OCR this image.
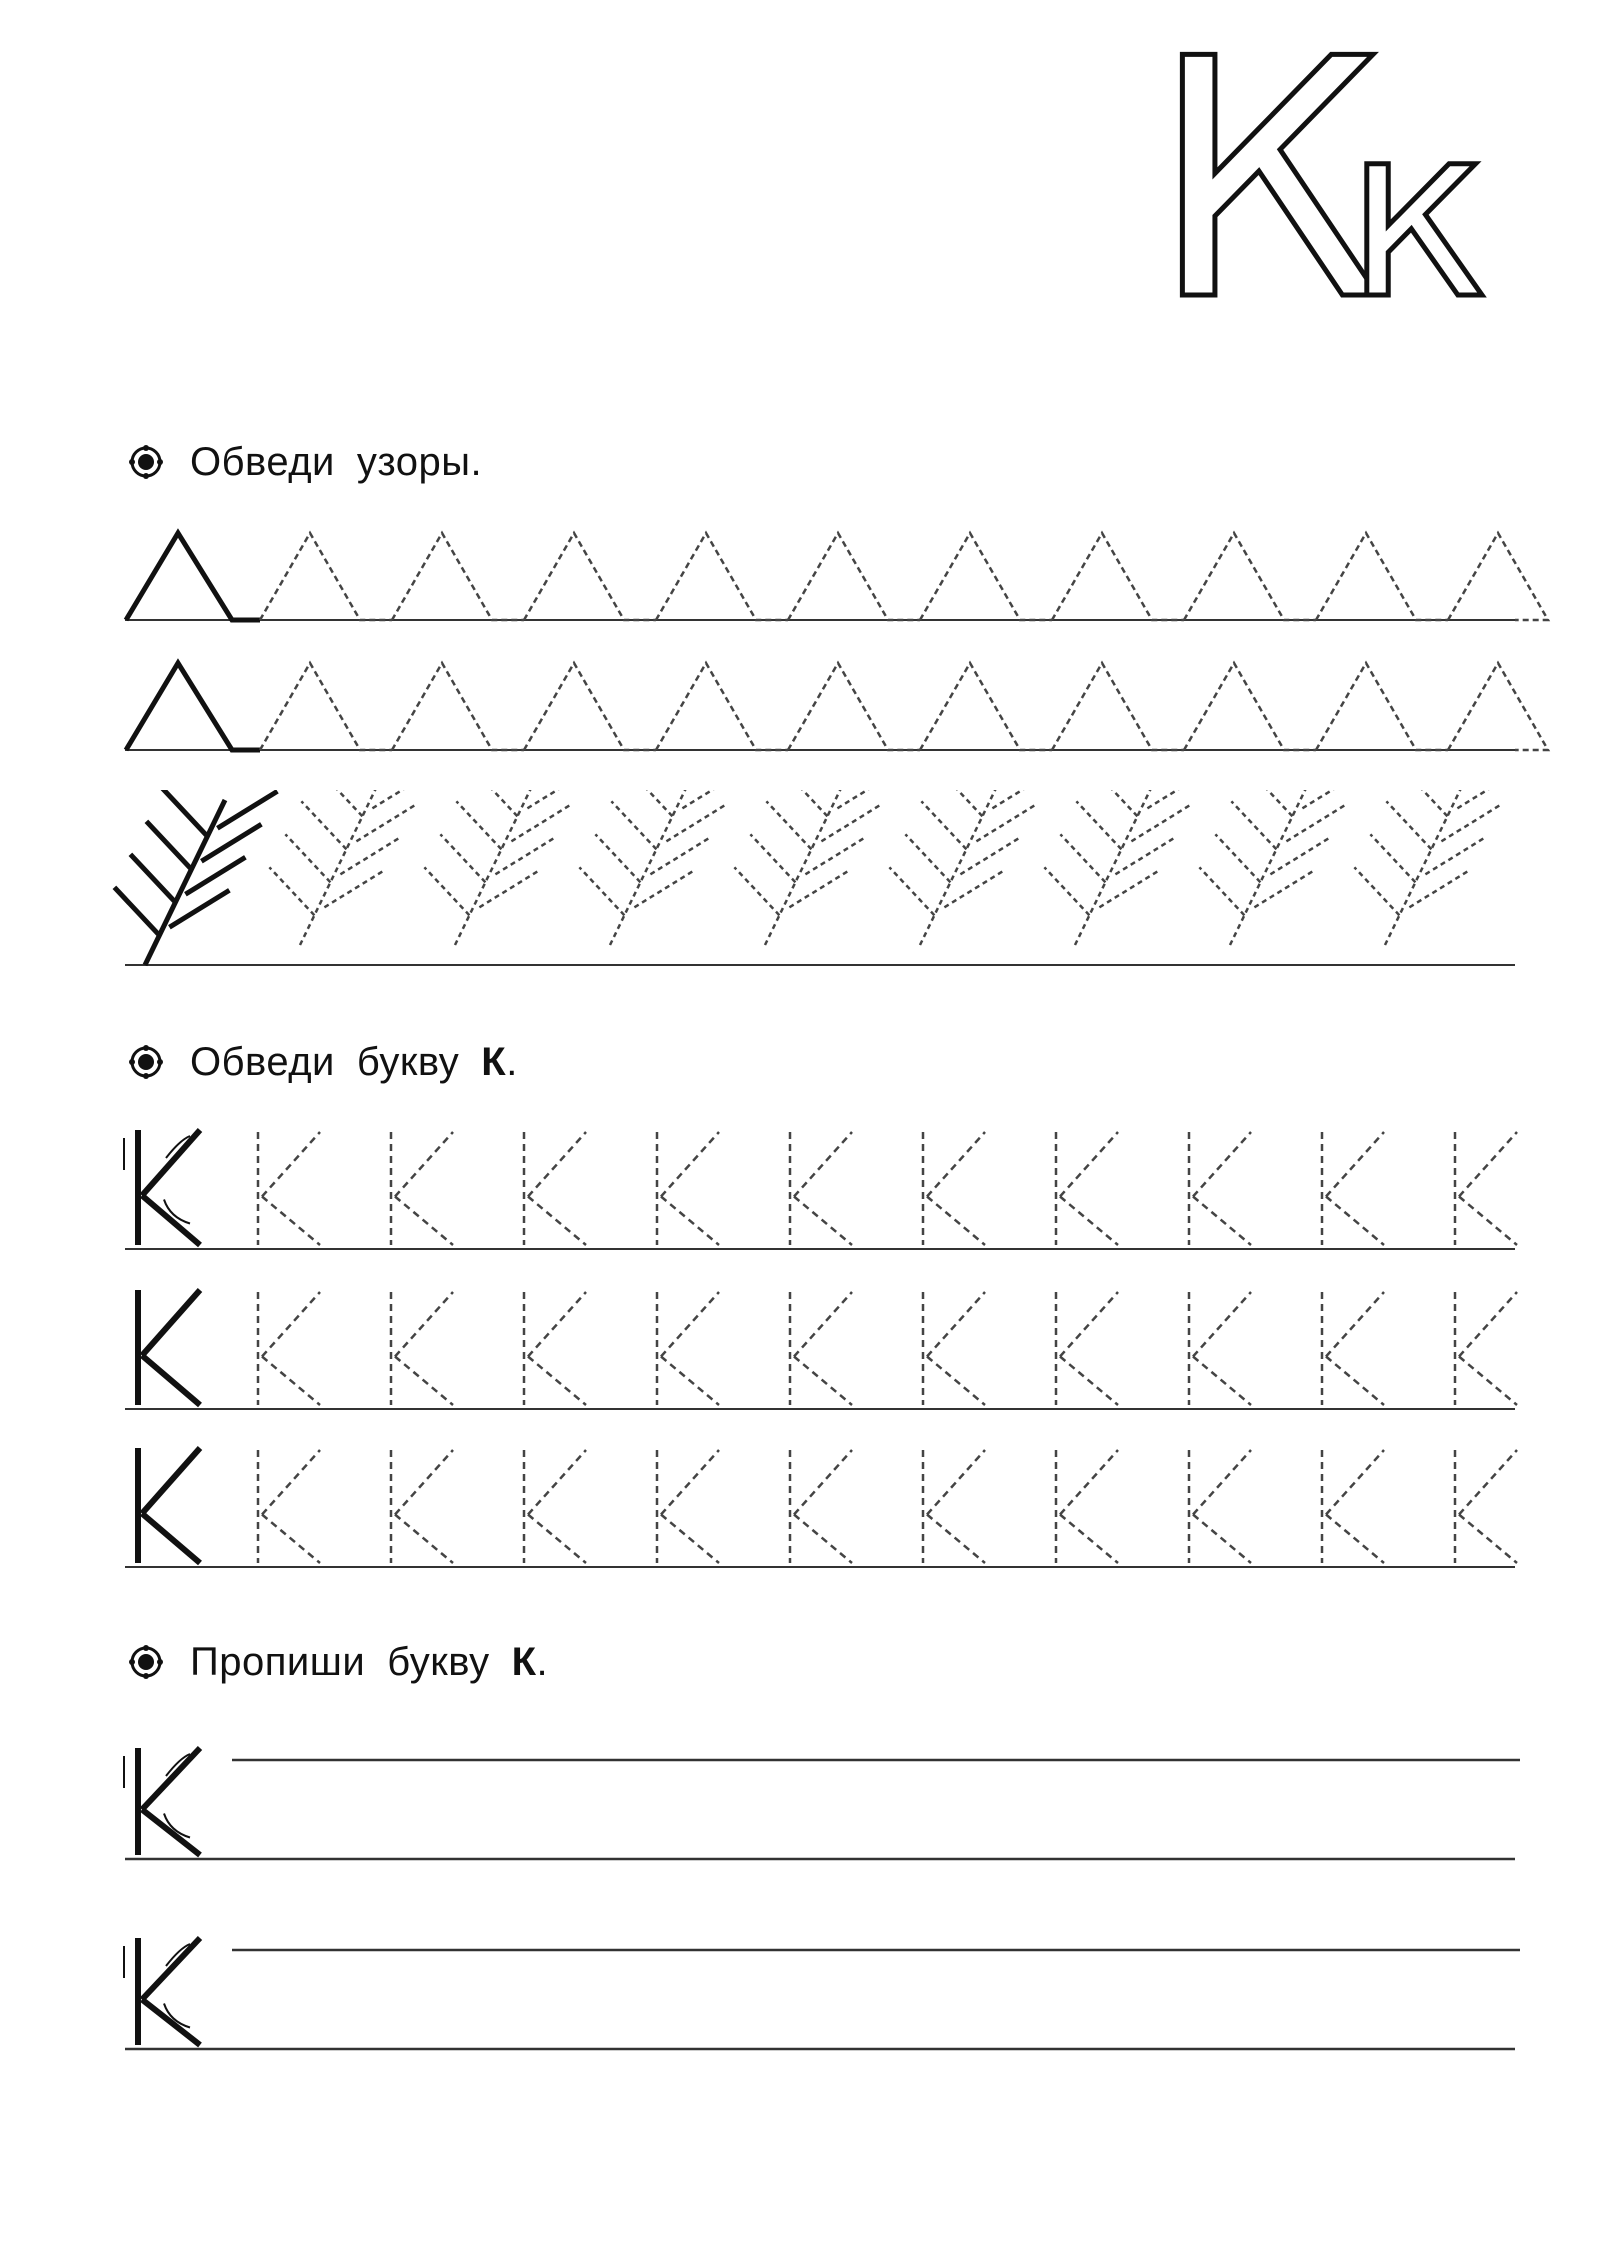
К
к
Обведи узоры.
Обведи букву К .
Пропиши букву К .
